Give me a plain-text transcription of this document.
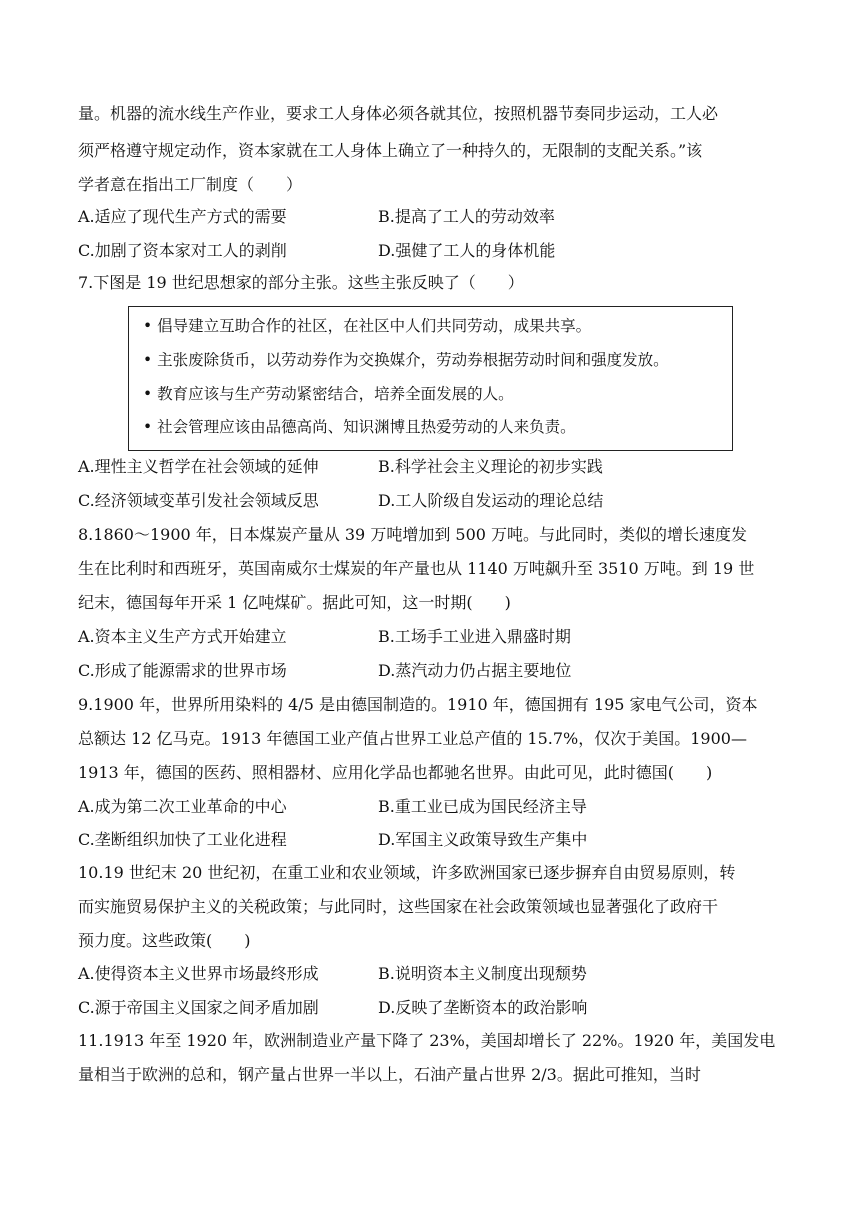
量。机器的流水线生产作业，要求工人身体必须各就其位，按照机器节奏同步运动，工人必
须严格遵守规定动作，资本家就在工人身体上确立了一种持久的，无限制的支配关系。”该
学者意在指出工厂制度（　　）
A.适应了现代生产方式的需要	B.提高了工人的劳动效率
C.加剧了资本家对工人的剥削	D.强健了工人的身体机能
7.下图是 19 世纪思想家的部分主张。这些主张反映了（　　）
• 倡导建立互助合作的社区，在社区中人们共同劳动，成果共享。
• 主张废除货币，以劳动券作为交换媒介，劳动券根据劳动时间和强度发放。
• 教育应该与生产劳动紧密结合，培养全面发展的人。
• 社会管理应该由品德高尚、知识渊博且热爱劳动的人来负责。
A.理性主义哲学在社会领域的延伸	B.科学社会主义理论的初步实践
C.经济领域变革引发社会领域反思	D.工人阶级自发运动的理论总结
8.1860～1900 年，日本煤炭产量从 39 万吨增加到 500 万吨。与此同时，类似的增长速度发
生在比利时和西班牙，英国南威尔士煤炭的年产量也从 1140 万吨飙升至 3510 万吨。到 19 世
纪末，德国每年开采 1 亿吨煤矿。据此可知，这一时期(　　)
A.资本主义生产方式开始建立	B.工场手工业进入鼎盛时期
C.形成了能源需求的世界市场	D.蒸汽动力仍占据主要地位
9.1900 年，世界所用染料的 4/5 是由德国制造的。1910 年，德国拥有 195 家电气公司，资本
总额达 12 亿马克。1913 年德国工业产值占世界工业总产值的 15.7%，仅次于美国。1900—
1913 年，德国的医药、照相器材、应用化学品也都驰名世界。由此可见，此时德国(　　)
A.成为第二次工业革命的中心	B.重工业已成为国民经济主导
C.垄断组织加快了工业化进程	D.军国主义政策导致生产集中
10.19 世纪末 20 世纪初，在重工业和农业领域，许多欧洲国家已逐步摒弃自由贸易原则，转
而实施贸易保护主义的关税政策；与此同时，这些国家在社会政策领域也显著强化了政府干
预力度。这些政策(　　)
A.使得资本主义世界市场最终形成	B.说明资本主义制度出现颓势
C.源于帝国主义国家之间矛盾加剧	D.反映了垄断资本的政治影响
11.1913 年至 1920 年，欧洲制造业产量下降了 23%，美国却增长了 22%。1920 年，美国发电
量相当于欧洲的总和，钢产量占世界一半以上，石油产量占世界 2/3。据此可推知，当时
